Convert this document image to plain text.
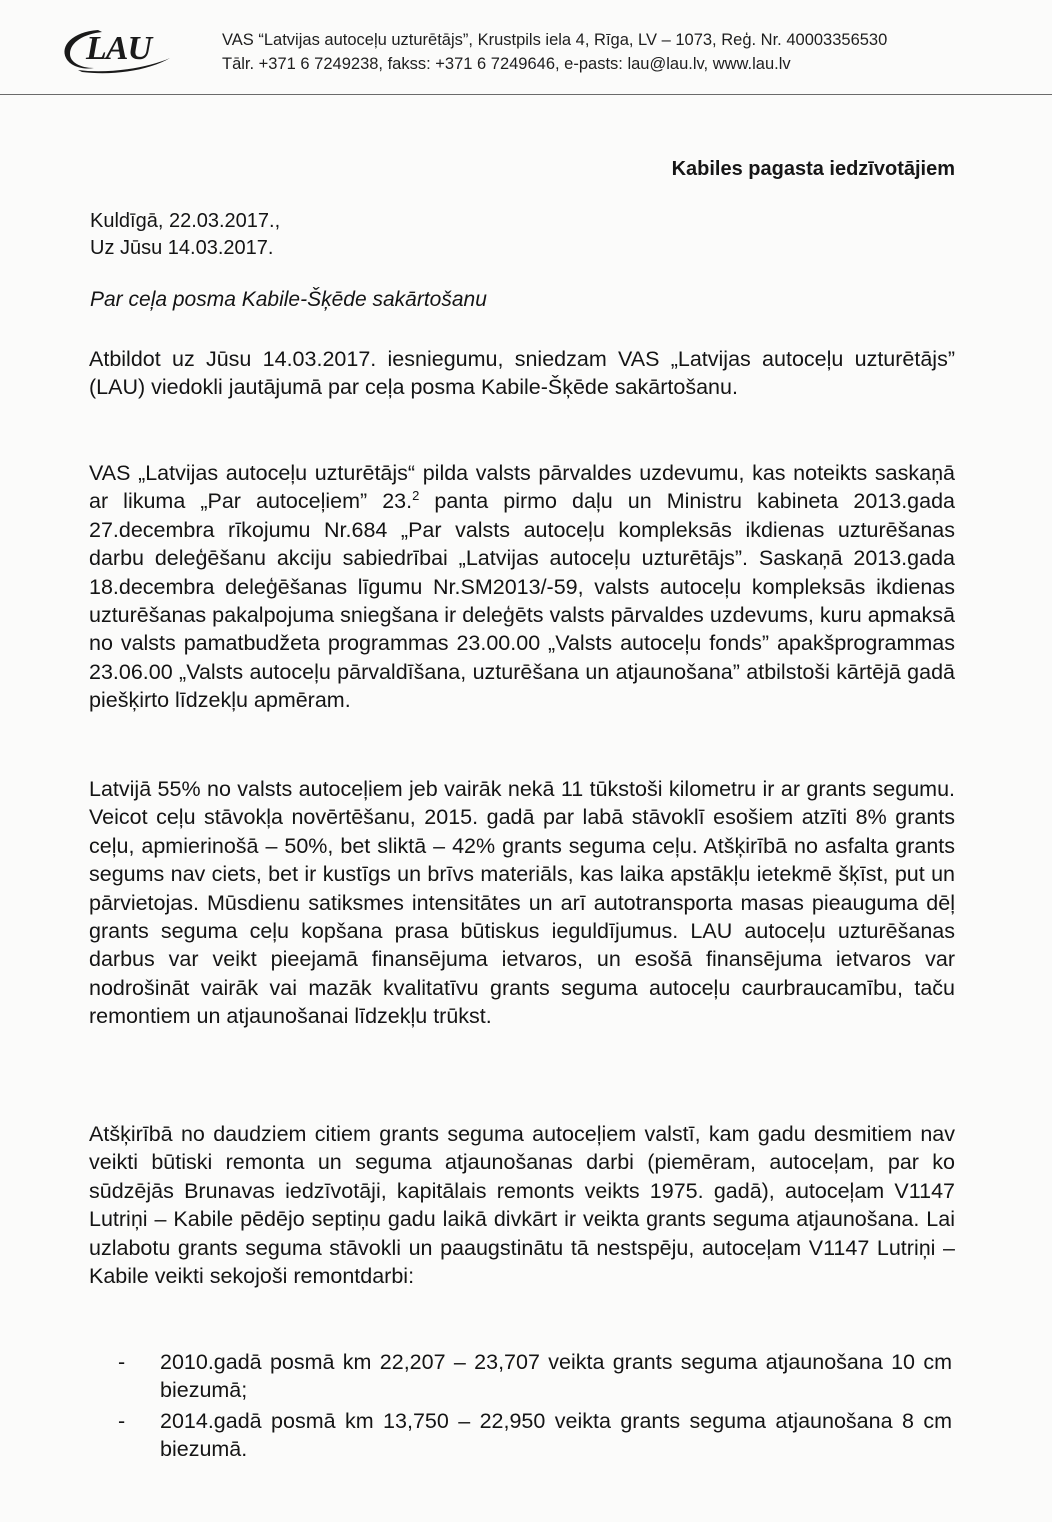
LAU	VAS “Latvijas autoceļu uzturētājs”, Krustpils iela 4, Rīga, LV – 1073, Reģ. Nr. 40003356530
Tālr. +371 6 7249238, fakss: +371 6 7249646, e-pasts: lau@lau.lv, www.lau.lv
Kabiles pagasta iedzīvotājiem
Kuldīgā, 22.03.2017.,
Uz Jūsu 14.03.2017.
Par ceļa posma Kabile-Šķēde sakārtošanu
Atbildot uz Jūsu 14.03.2017. iesniegumu, sniedzam VAS „Latvijas autoceļu uzturētājs” (LAU) viedokli jautājumā par ceļa posma Kabile-Šķēde sakārtošanu.
VAS „Latvijas autoceļu uzturētājs“ pilda valsts pārvaldes uzdevumu, kas noteikts saskaņā ar likuma „Par autoceļiem” 23.$^2$ panta pirmo daļu un Ministru kabineta 2013.gada 27.decembra rīkojumu Nr.684 „Par valsts autoceļu kompleksās ikdienas uzturēšanas darbu deleģēšanu akciju sabiedrībai „Latvijas autoceļu uzturētājs”. Saskaņā 2013.gada 18.decembra deleģēšanas līgumu Nr.SM2013/-59, valsts autoceļu kompleksās ikdienas uzturēšanas pakalpojuma sniegšana ir deleģēts valsts pārvaldes uzdevums, kuru apmaksā no valsts pamatbudžeta programmas 23.00.00 „Valsts autoceļu fonds” apakšprogrammas 23.06.00 „Valsts autoceļu pārvaldīšana, uzturēšana un atjaunošana” atbilstoši kārtējā gadā piešķirto līdzekļu apmēram.
Latvijā 55% no valsts autoceļiem jeb vairāk nekā 11 tūkstoši kilometru ir ar grants segumu. Veicot ceļu stāvokļa novērtēšanu, 2015. gadā par labā stāvoklī esošiem atzīti 8% grants ceļu, apmierinošā – 50%, bet sliktā – 42% grants seguma ceļu. Atšķirībā no asfalta grants segums nav ciets, bet ir kustīgs un brīvs materiāls, kas laika apstākļu ietekmē šķīst, put un pārvietojas. Mūsdienu satiksmes intensitātes un arī autotransporta masas pieauguma dēļ grants seguma ceļu kopšana prasa būtiskus ieguldījumus. LAU autoceļu uzturēšanas darbus var veikt pieejamā finansējuma ietvaros, un esošā finansējuma ietvaros var nodrošināt vairāk vai mazāk kvalitatīvu grants seguma autoceļu caurbraucamību, taču remontiem un atjaunošanai līdzekļu trūkst.
Atšķirībā no daudziem citiem grants seguma autoceļiem valstī, kam gadu desmitiem nav veikti būtiski remonta un seguma atjaunošanas darbi (piemēram, autoceļam, par ko sūdzējās Brunavas iedzīvotāji, kapitālais remonts veikts 1975. gadā), autoceļam V1147 Lutriņi – Kabile pēdējo septiņu gadu laikā divkārt ir veikta grants seguma atjaunošana. Lai uzlabotu grants seguma stāvokli un paaugstinātu tā nestspēju, autoceļam V1147 Lutriņi – Kabile veikti sekojoši remontdarbi:
- 2010.gadā posmā km 22,207 – 23,707 veikta grants seguma atjaunošana 10 cm biezumā;
- 2014.gadā posmā km 13,750 – 22,950 veikta grants seguma atjaunošana 8 cm biezumā.
